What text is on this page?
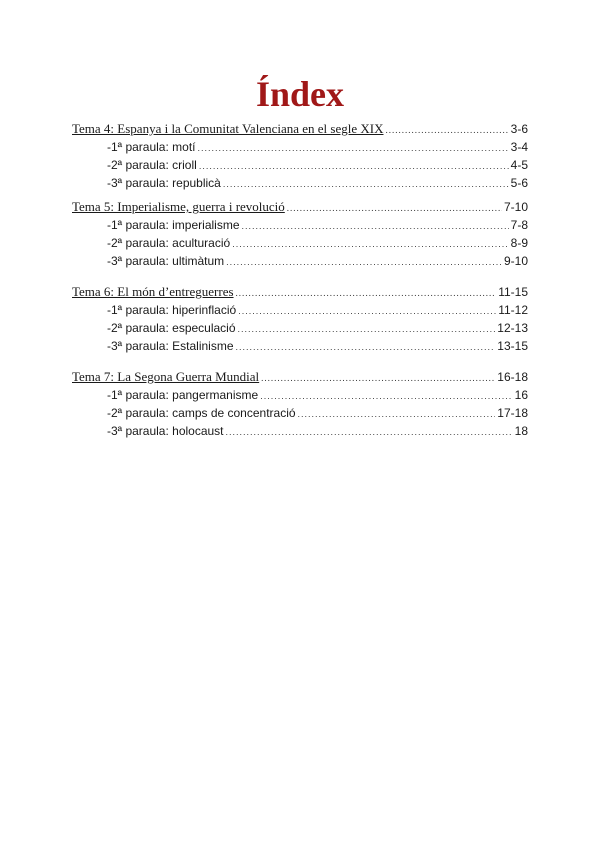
Índex
Tema 4: Espanya i la Comunitat Valenciana en el segle XIX .....	3-6
-1ª paraula: motí .....	3-4
-2ª paraula: crioll .....	4-5
-3ª paraula: republicà .....	5-6
Tema 5: Imperialisme, guerra i revolució .....	7-10
-1ª paraula: imperialisme .....	7-8
-2ª paraula: aculturació .....	8-9
-3ª paraula: ultimàtum .....	9-10
Tema 6: El món d’entreguerres .....	11-15
-1ª paraula: hiperinflació .....	11-12
-2ª paraula: especulació .....	12-13
-3ª paraula: Estalinisme .....	13-15
Tema 7: La Segona Guerra Mundial .....	16-18
-1ª paraula: pangermanisme .....	16
-2ª paraula: camps de concentració .....	17-18
-3ª paraula: holocaust .....	18
